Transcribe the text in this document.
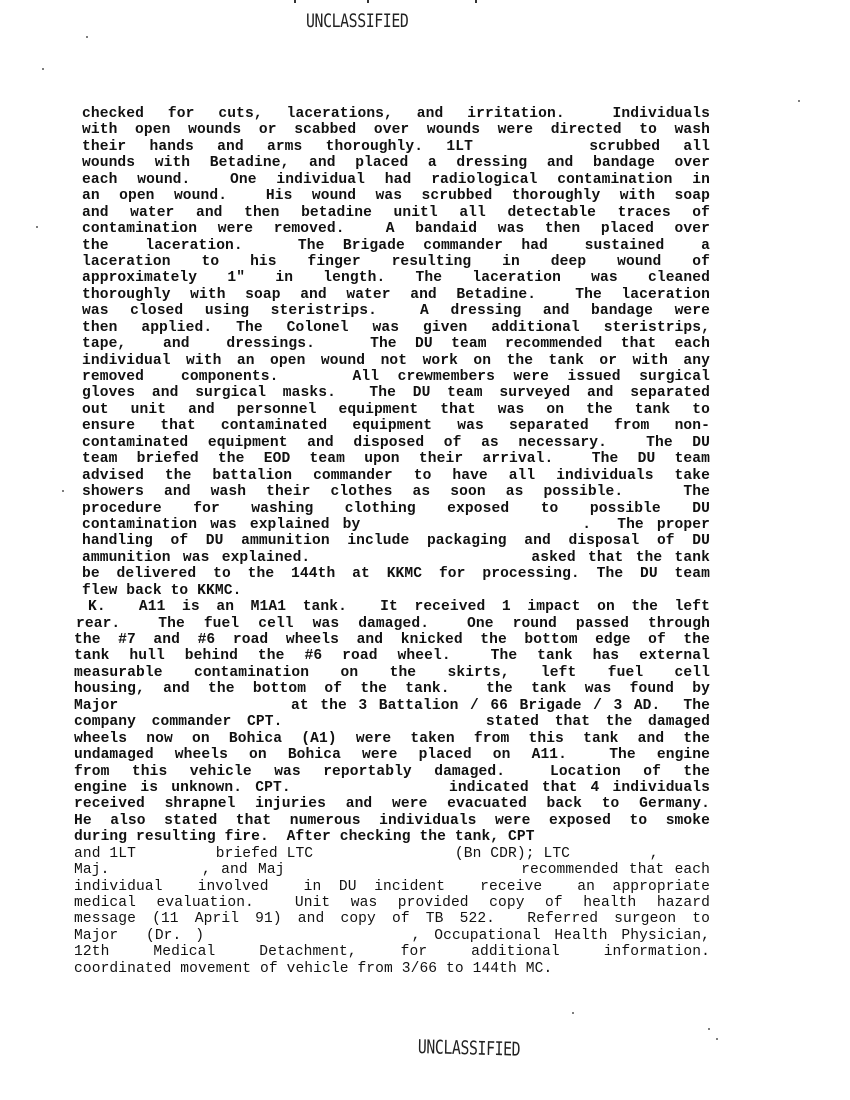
UNCLASSIFIED
checked for cuts, lacerations, and irritation.  Individuals
with open wounds or scabbed over wounds were directed to wash
their  hands  and  arms  thoroughly.  1LT          scrubbed  all
wounds with Betadine, and placed a dressing and bandage over
each wound.  One individual had radiological contamination in
an open wound.  His wound was scrubbed thoroughly with soap
and water and then betadine unitl all detectable traces of
contamination were removed.  A bandaid was then placed over
the  laceration.   The Brigade commander had  sustained  a
laceration  to  his  finger  resulting  in  deep  wound  of
approximately  1"  in  length.  The  laceration  was  cleaned
thoroughly with soap and water and Betadine.  The laceration
was closed using steristrips.  A dressing and bandage were
then applied. The Colonel was given additional steristrips,
tape,  and  dressings.   The DU team recommended that each
individual with an open wound not work on the tank or with any
removed  components.    All crewmembers were issued surgical
gloves and surgical masks.  The DU team surveyed and separated
out unit and personnel equipment that was on the tank to
ensure that contaminated equipment was separated from non-
contaminated equipment and disposed of as necessary.  The DU
team briefed the EOD team upon their arrival.  The DU team
advised the battalion commander to have all individuals take
showers and wash their clothes as soon as possible.   The
procedure  for  washing  clothing  exposed  to  possible  DU
contamination was explained by                 .  The proper
handling of DU ammunition include packaging and disposal of DU
ammunition was explained.                  asked that the tank
be delivered to the 144th at KKMC for processing. The DU team
flew back to KKMC.
K.  A11 is an M1A1 tank.  It received 1 impact on the left
rear.  The fuel cell was damaged.  One round passed through
the #7 and #6 road wheels and knicked the bottom edge of the
tank hull behind the #6 road wheel.  The tank has external
measurable  contamination  on  the  skirts,  left  fuel  cell
housing, and the bottom of the tank.  the tank was found by
Major               at the 3 Battalion / 66 Brigade / 3 AD.  The
company commander CPT.             stated that the damaged
wheels now on Bohica (A1) were taken from this tank and the
undamaged wheels on Bohica were placed on A11.  The engine
from this vehicle was reportably damaged.  Location of the
engine is unknown. CPT.            indicated that 4 individuals
received shrapnel injuries and were evacuated back to Germany.
He also stated that numerous individuals were exposed to smoke
during resulting fire.  After checking the tank, CPT
and 1LT         briefed LTC                (Bn CDR); LTC         ,
Maj.         , and Maj                       recommended that each
individual  involved  in DU incident  receive  an appropriate
medical evaluation.  Unit was provided copy of health hazard
message (11 April 91) and copy of TB 522.  Referred surgeon to
Major  (Dr. )               , Occupational Health Physician,
12th   Medical   Detachment,   for   additional   information.
coordinated movement of vehicle from 3/66 to 144th MC.
UNCLASSIFIED
